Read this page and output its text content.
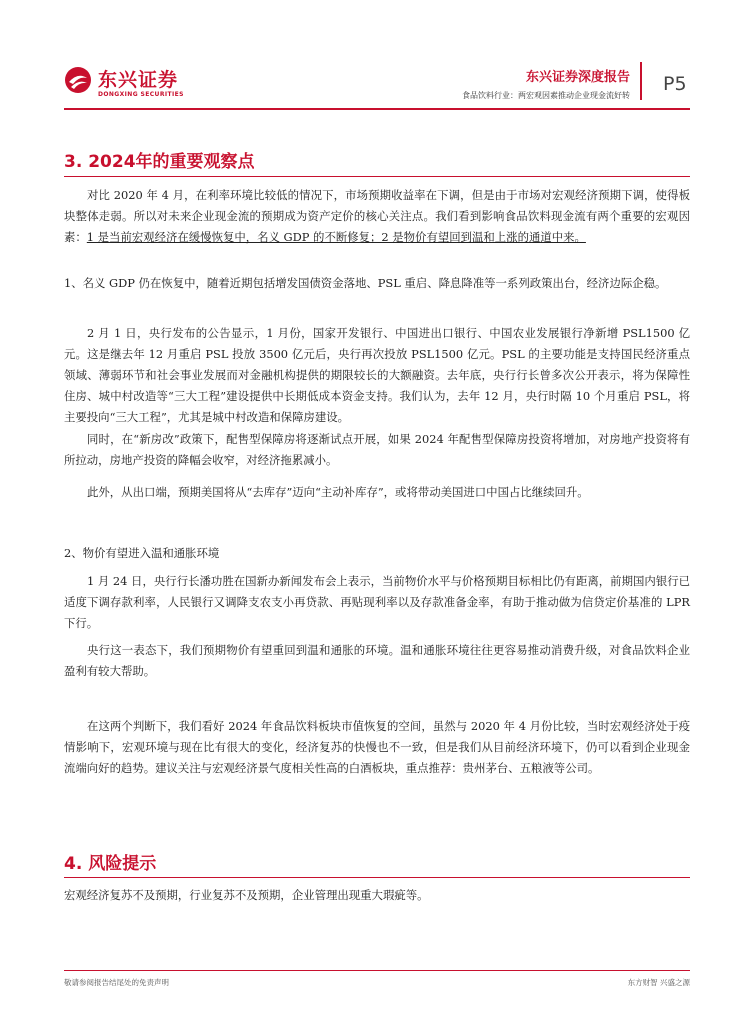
东兴证券
DONGXING SECURITIES
东兴证券深度报告
食品饮料行业：两宏观因素推动企业现金流好转
P5
3. 2024年的重要观察点

对比 2020 年 4 月，在利率环境比较低的情况下，市场预期收益率在下调，但是由于市场对宏观经济预期下调，使得板块整体走弱。所以对未来企业现金流的预期成为资产定价的核心关注点。我们看到影响食品饮料现金流有两个重要的宏观因素：1 是当前宏观经济在缓慢恢复中，名义 GDP 的不断修复；2 是物价有望回到温和上涨的通道中来。

1、名义 GDP 仍在恢复中，随着近期包括增发国债资金落地、PSL 重启、降息降准等一系列政策出台，经济边际企稳。

2 月 1 日，央行发布的公告显示，1 月份，国家开发银行、中国进出口银行、中国农业发展银行净新增 PSL1500 亿元。这是继去年 12 月重启 PSL 投放 3500 亿元后，央行再次投放 PSL1500 亿元。PSL 的主要功能是支持国民经济重点领域、薄弱环节和社会事业发展而对金融机构提供的期限较长的大额融资。去年底，央行行长曾多次公开表示，将为保障性住房、城中村改造等“三大工程”建设提供中长期低成本资金支持。我们认为，去年 12 月，央行时隔 10 个月重启 PSL，将主要投向“三大工程”，尤其是城中村改造和保障房建设。

同时，在“新房改”政策下，配售型保障房将逐渐试点开展，如果 2024 年配售型保障房投资将增加，对房地产投资将有所拉动，房地产投资的降幅会收窄，对经济拖累减小。

此外，从出口端，预期美国将从“去库存”迈向“主动补库存”，或将带动美国进口中国占比继续回升。

2、物价有望进入温和通胀环境

1 月 24 日，央行行长潘功胜在国新办新闻发布会上表示，当前物价水平与价格预期目标相比仍有距离，前期国内银行已适度下调存款利率，人民银行又调降支农支小再贷款、再贴现利率以及存款准备金率，有助于推动做为信贷定价基准的 LPR 下行。

央行这一表态下，我们预期物价有望重回到温和通胀的环境。温和通胀环境往往更容易推动消费升级，对食品饮料企业盈利有较大帮助。

在这两个判断下，我们看好 2024 年食品饮料板块市值恢复的空间，虽然与 2020 年 4 月份比较，当时宏观经济处于疫情影响下，宏观环境与现在比有很大的变化，经济复苏的快慢也不一致，但是我们从目前经济环境下，仍可以看到企业现金流端向好的趋势。建议关注与宏观经济景气度相关性高的白酒板块，重点推荐：贵州茅台、五粮液等公司。

4. 风险提示

宏观经济复苏不及预期，行业复苏不及预期，企业管理出现重大瑕疵等。

敬请参阅报告结尾处的免责声明	东方财智 兴盛之源
